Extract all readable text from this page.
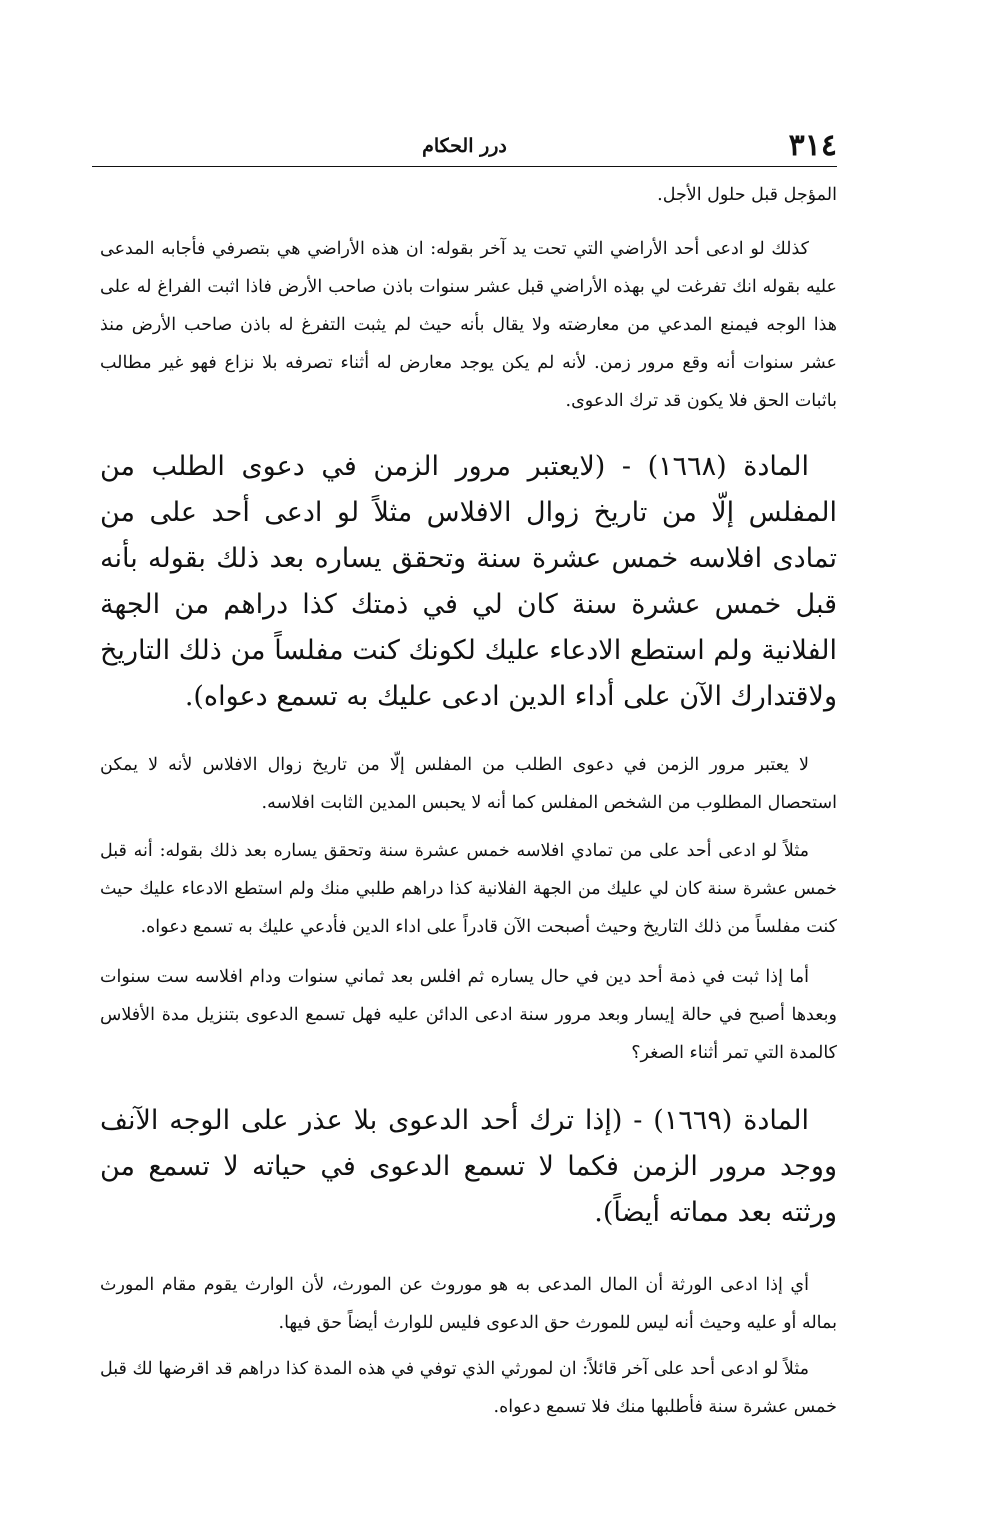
٣١٤
درر الحكام

المؤجل قبل حلول الأجل.

كذلك لو ادعى أحد الأراضي التي تحت يد آخر بقوله: ان هذه الأراضي هي بتصرفي فأجابه المدعى عليه بقوله انك تفرغت لي بهذه الأراضي قبل عشر سنوات باذن صاحب الأرض فاذا اثبت الفراغ له على هذا الوجه فيمنع المدعي من معارضته ولا يقال بأنه حيث لم يثبت التفرغ له باذن صاحب الأرض منذ عشر سنوات أنه وقع مرور زمن. لأنه لم يكن يوجد معارض له أثناء تصرفه بلا نزاع فهو غير مطالب باثبات الحق فلا يكون قد ترك الدعوى.

المادة (١٦٦٨) - (لايعتبر مرور الزمن في دعوى الطلب من المفلس إلّا من تاريخ زوال الافلاس مثلاً لو ادعى أحد على من تمادى افلاسه خمس عشرة سنة وتحقق يساره بعد ذلك بقوله بأنه قبل خمس عشرة سنة كان لي في ذمتك كذا دراهم من الجهة الفلانية ولم استطع الادعاء عليك لكونك كنت مفلساً من ذلك التاريخ ولاقتدارك الآن على أداء الدين ادعى عليك به تسمع دعواه).

لا يعتبر مرور الزمن في دعوى الطلب من المفلس إلّا من تاريخ زوال الافلاس لأنه لا يمكن استحصال المطلوب من الشخص المفلس كما أنه لا يحبس المدين الثابت افلاسه.

مثلاً لو ادعى أحد على من تمادي افلاسه خمس عشرة سنة وتحقق يساره بعد ذلك بقوله: أنه قبل خمس عشرة سنة كان لي عليك من الجهة الفلانية كذا دراهم طلبي منك ولم استطع الادعاء عليك حيث كنت مفلساً من ذلك التاريخ وحيث أصبحت الآن قادراً على اداء الدين فأدعي عليك به تسمع دعواه.

أما إذا ثبت في ذمة أحد دين في حال يساره ثم افلس بعد ثماني سنوات ودام افلاسه ست سنوات وبعدها أصبح في حالة إيسار وبعد مرور سنة ادعى الدائن عليه فهل تسمع الدعوى بتنزيل مدة الأفلاس كالمدة التي تمر أثناء الصغر؟

المادة (١٦٦٩) - (إذا ترك أحد الدعوى بلا عذر على الوجه الآنف ووجد مرور الزمن فكما لا تسمع الدعوى في حياته لا تسمع من ورثته بعد مماته أيضاً).

أي إذا ادعى الورثة أن المال المدعى به هو موروث عن المورث، لأن الوارث يقوم مقام المورث بماله أو عليه وحيث أنه ليس للمورث حق الدعوى فليس للوارث أيضاً حق فيها.

مثلاً لو ادعى أحد على آخر قائلاً: ان لمورثي الذي توفي في هذه المدة كذا دراهم قد اقرضها لك قبل خمس عشرة سنة فأطلبها منك فلا تسمع دعواه.
